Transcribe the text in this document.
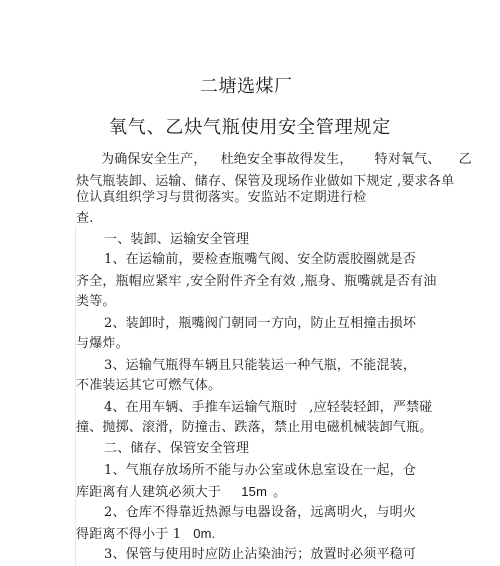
二塘选煤厂
氧气、乙炔气瓶使用安全管理规定
为确保安全生产， 杜绝安全事故得发生， 特对氧气、 乙
炔气瓶装卸、运输、储存、保管及现场作业做如下规定 ,要求各单
位认真组织学习与贯彻落实。安监站不定期进行检
查.
一、装卸、运输安全管理
1、在运输前，要检查瓶嘴气阀、安全防震胶圈就是否
齐全，瓶帽应紧牢 ,安全附件齐全有效 ,瓶身、瓶嘴就是否有油
类等。
2、装卸时，瓶嘴阀门朝同一方向，防止互相撞击损坏
与爆炸。
3、运输气瓶得车辆且只能装运一种气瓶，不能混装，
不准装运其它可燃气体。
4、在用车辆、手推车运输气瓶时 ,应轻装轻卸，严禁碰
撞、抛掷、滚滑，防撞击、跌落，禁止用电磁机械装卸气瓶。
二、储存、保管安全管理
1、气瓶存放场所不能与办公室或休息室设在一起，仓
库距离有人建筑必须大于 15m 。
2、仓库不得靠近热源与电器设备，远离明火，与明火
得距离不得小于 1 0m.
3、保管与使用时应防止沾染油污；放置时必须平稳可
